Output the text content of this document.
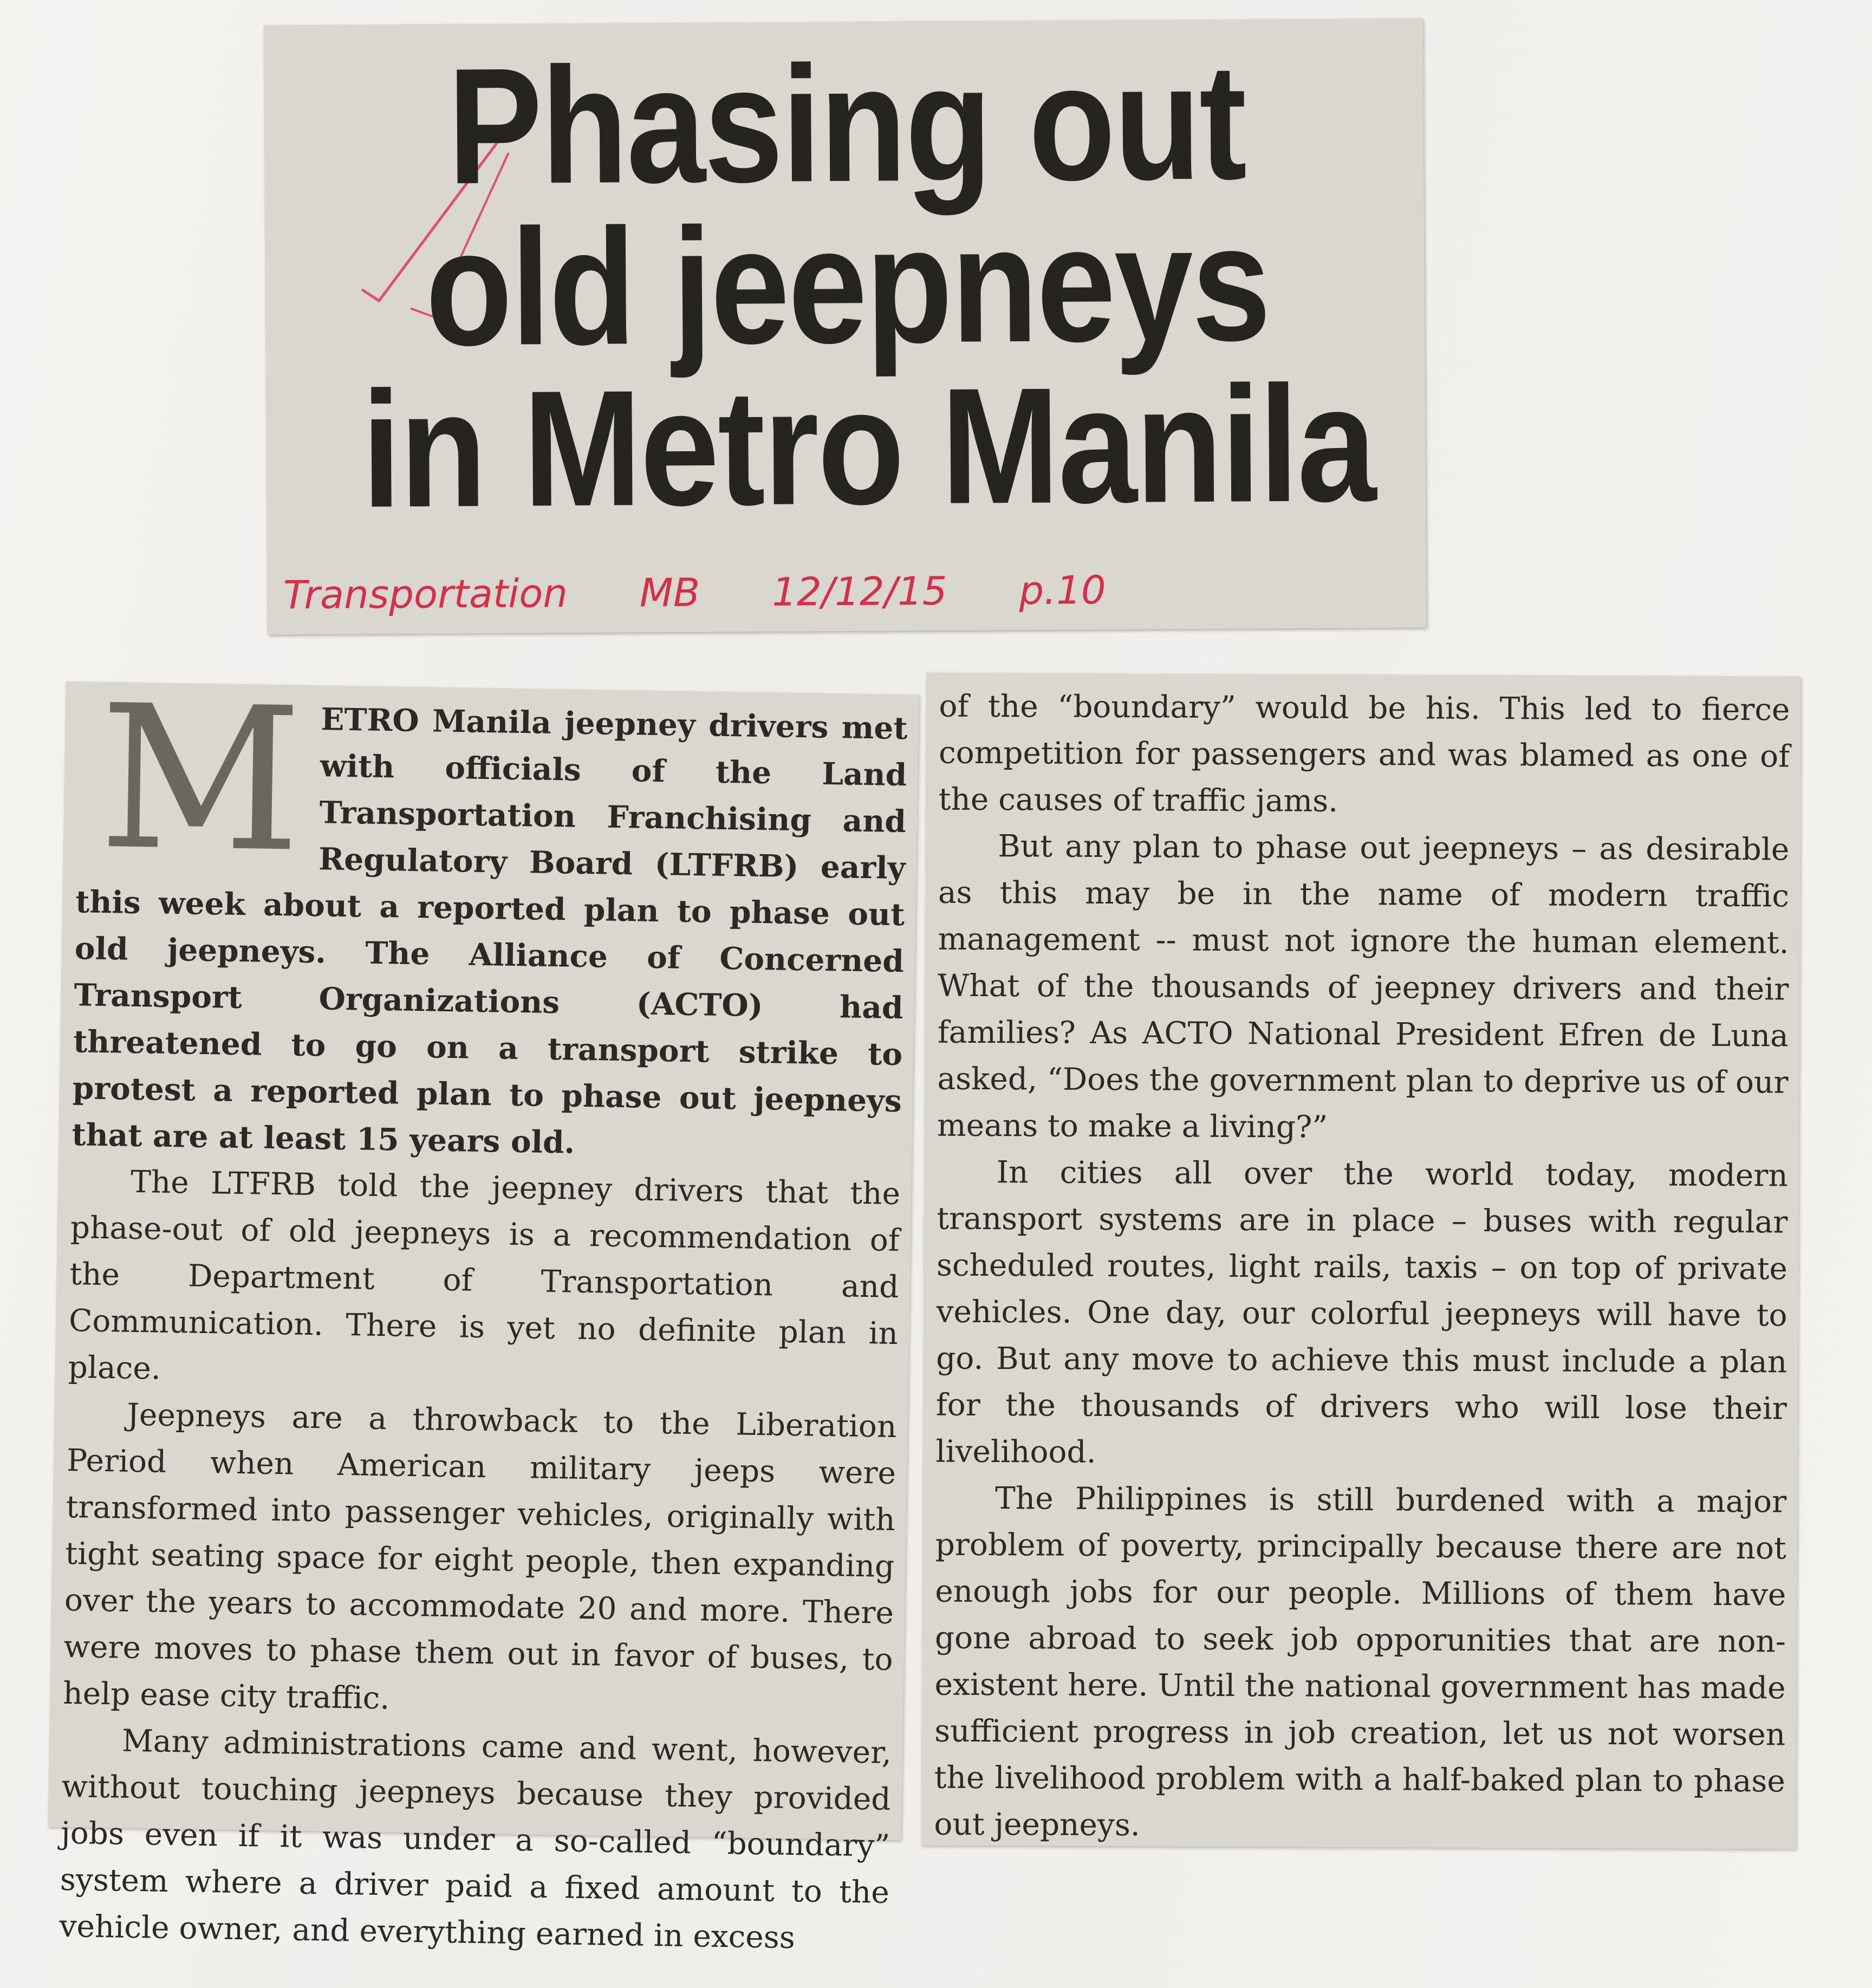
Phasing out
old jeepneys
in Metro Manila
Transportation MB 12/12/15 p.10

METRO Manila jeepney drivers met with officials of the Land Transportation Franchising and Regulatory Board (LTFRB) early this week about a reported plan to phase out old jeepneys. The Alliance of Concerned Transport Organizations (ACTO) had threatened to go on a transport strike to protest a reported plan to phase out jeepneys that are at least 15 years old.

The LTFRB told the jeepney drivers that the phase-out of old jeepneys is a recommendation of the Department of Transportation and Communication. There is yet no definite plan in place.

Jeepneys are a throwback to the Liberation Period when American military jeeps were transformed into passenger vehicles, originally with tight seating space for eight people, then expanding over the years to accommodate 20 and more. There were moves to phase them out in favor of buses, to help ease city traffic.

Many administrations came and went, however, without touching jeepneys because they provided jobs even if it was under a so-called “boundary” system where a driver paid a fixed amount to the vehicle owner, and everything earned in excess

of the “boundary” would be his. This led to fierce competition for passengers and was blamed as one of the causes of traffic jams.

But any plan to phase out jeepneys – as desirable as this may be in the name of modern traffic management -- must not ignore the human element. What of the thousands of jeepney drivers and their families? As ACTO National President Efren de Luna asked, “Does the government plan to deprive us of our means to make a living?”

In cities all over the world today, modern transport systems are in place – buses with regular scheduled routes, light rails, taxis – on top of private vehicles. One day, our colorful jeepneys will have to go. But any move to achieve this must include a plan for the thousands of drivers who will lose their livelihood.

The Philippines is still burdened with a major problem of poverty, principally because there are not enough jobs for our people. Millions of them have gone abroad to seek job opporunities that are non-existent here. Until the national government has made sufficient progress in job creation, let us not worsen the livelihood problem with a half-baked plan to phase out jeepneys.
